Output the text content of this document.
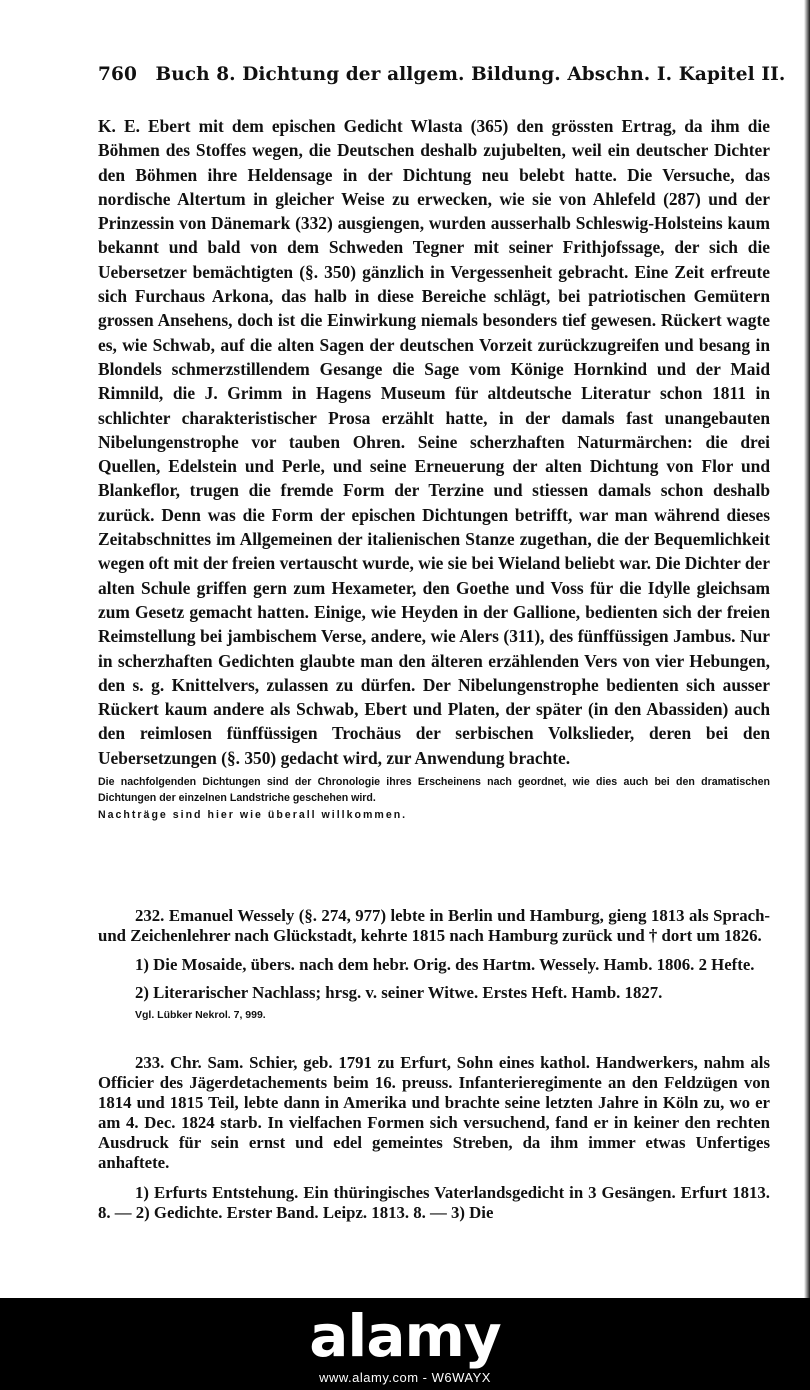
760 Buch 8. Dichtung der allgem. Bildung. Abschn. I. Kapitel II.

K. E. Ebert mit dem epischen Gedicht Wlasta (365) den grössten Ertrag, da ihm die Böhmen des Stoffes wegen, die Deutschen deshalb zujubelten, weil ein deutscher Dichter den Böhmen ihre Heldensage in der Dichtung neu belebt hatte. Die Versuche, das nordische Altertum in gleicher Weise zu erwecken, wie sie von Ahlefeld (287) und der Prinzessin von Dänemark (332) ausgiengen, wurden ausserhalb Schleswig-Holsteins kaum bekannt und bald von dem Schweden Tegner mit seiner Frithjofssage, der sich die Uebersetzer bemächtigten (§. 350) gänzlich in Vergessenheit gebracht. Eine Zeit erfreute sich Furchaus Arkona, das halb in diese Bereiche schlägt, bei patriotischen Gemütern grossen Ansehens, doch ist die Einwirkung niemals besonders tief gewesen. Rückert wagte es, wie Schwab, auf die alten Sagen der deutschen Vorzeit zurückzugreifen und besang in Blondels schmerzstillendem Gesange die Sage vom Könige Hornkind und der Maid Rimnild, die J. Grimm in Hagens Museum für altdeutsche Literatur schon 1811 in schlichter charakteristischer Prosa erzählt hatte, in der damals fast unangebauten Nibelungenstrophe vor tauben Ohren. Seine scherzhaften Naturmärchen: die drei Quellen, Edelstein und Perle, und seine Erneuerung der alten Dichtung von Flor und Blankeflor, trugen die fremde Form der Terzine und stiessen damals schon deshalb zurück. Denn was die Form der epischen Dichtungen betrifft, war man während dieses Zeitabschnittes im Allgemeinen der italienischen Stanze zugethan, die der Bequemlichkeit wegen oft mit der freien vertauscht wurde, wie sie bei Wieland beliebt war. Die Dichter der alten Schule griffen gern zum Hexameter, den Goethe und Voss für die Idylle gleichsam zum Gesetz gemacht hatten. Einige, wie Heyden in der Gallione, bedienten sich der freien Reimstellung bei jambischem Verse, andere, wie Alers (311), des fünffüssigen Jambus. Nur in scherzhaften Gedichten glaubte man den älteren erzählenden Vers von vier Hebungen, den s. g. Knittelvers, zulassen zu dürfen. Der Nibelungenstrophe bedienten sich ausser Rückert kaum andere als Schwab, Ebert und Platen, der später (in den Abassiden) auch den reimlosen fünffüssigen Trochäus der serbischen Volkslieder, deren bei den Uebersetzungen (§. 350) gedacht wird, zur Anwendung brachte.

Die nachfolgenden Dichtungen sind der Chronologie ihres Erscheinens nach geordnet, wie dies auch bei den dramatischen Dichtungen der einzelnen Landstriche geschehen wird.
Nachträge sind hier wie überall willkommen.

232. Emanuel Wessely (§. 274, 977) lebte in Berlin und Hamburg, gieng 1813 als Sprach- und Zeichenlehrer nach Glückstadt, kehrte 1815 nach Hamburg zurück und † dort um 1826.

1) Die Mosaide, übers. nach dem hebr. Orig. des Hartm. Wessely. Hamb. 1806. 2 Hefte.

2) Literarischer Nachlass; hrsg. v. seiner Witwe. Erstes Heft. Hamb. 1827.

Vgl. Lübker Nekrol. 7, 999.

233. Chr. Sam. Schier, geb. 1791 zu Erfurt, Sohn eines kathol. Handwerkers, nahm als Officier des Jägerdetachements beim 16. preuss. Infanterieregimente an den Feldzügen von 1814 und 1815 Teil, lebte dann in Amerika und brachte seine letzten Jahre in Köln zu, wo er am 4. Dec. 1824 starb. In vielfachen Formen sich versuchend, fand er in keiner den rechten Ausdruck für sein ernst und edel gemeintes Streben, da ihm immer etwas Unfertiges anhaftete.

1) Erfurts Entstehung. Ein thüringisches Vaterlandsgedicht in 3 Gesängen. Erfurt 1813. 8. — 2) Gedichte. Erster Band. Leipz. 1813. 8. — 3) Die

alamy
www.alamy.com - W6WAYX
